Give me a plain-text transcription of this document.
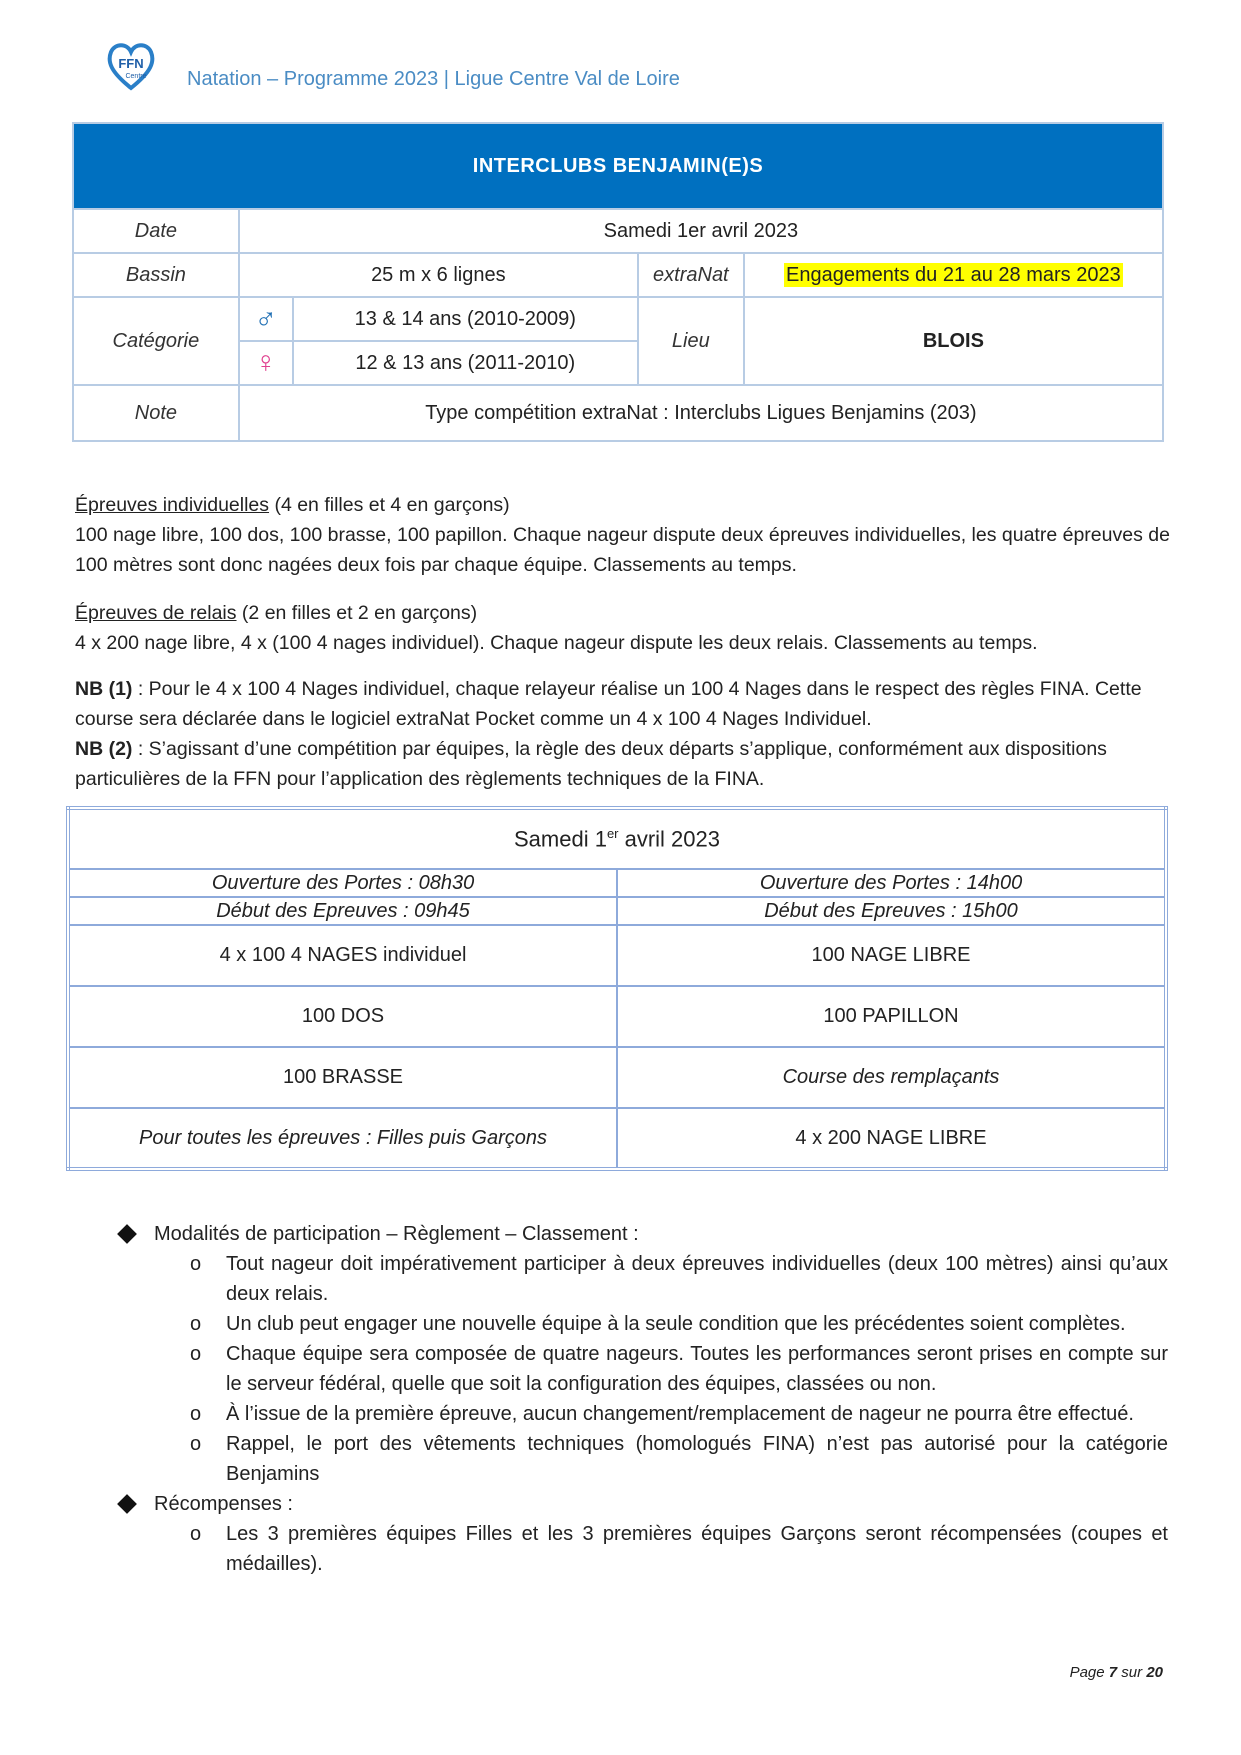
FFN
Centre Natation – Programme 2023 | Ligue Centre Val de Loire
INTERCLUBS BENJAMIN(E)S				
Date	Samedi 1er avril 2023			
Bassin	25 m x 6 lignes		extraNat	Engagements du 21 au 28 mars 2023
Catégorie	♂	13 & 14 ans (2010-2009)	Lieu	BLOIS
	♀	12 & 13 ans (2011-2010)		
Note	Type compétition extraNat : Interclubs Ligues Benjamins (203)			
Épreuves individuelles (4 en filles et 4 en garçons)
100 nage libre, 100 dos, 100 brasse, 100 papillon. Chaque nageur dispute deux épreuves individuelles, les quatre épreuves de 100 mètres sont donc nagées deux fois par chaque équipe. Classements au temps.
Épreuves de relais (2 en filles et 2 en garçons)
4 x 200 nage libre, 4 x (100 4 nages individuel). Chaque nageur dispute les deux relais. Classements au temps.
NB (1) : Pour le 4 x 100 4 Nages individuel, chaque relayeur réalise un 100 4 Nages dans le respect des règles FINA. Cette course sera déclarée dans le logiciel extraNat Pocket comme un 4 x 100 4 Nages Individuel.
NB (2) : S’agissant d’une compétition par équipes, la règle des deux départs s’applique, conformément aux dispositions particulières de la FFN pour l’application des règlements techniques de la FINA.
Samedi 1er avril 2023	
Ouverture des Portes : 08h30	Ouverture des Portes : 14h00
Début des Epreuves : 09h45	Début des Epreuves : 15h00
4 x 100 4 NAGES individuel	100 NAGE LIBRE
100 DOS	100 PAPILLON
100 BRASSE	Course des remplaçants
Pour toutes les épreuves : Filles puis Garçons	4 x 200 NAGE LIBRE
Modalités de participation – Règlement – Classement :
o	Tout nageur doit impérativement participer à deux épreuves individuelles (deux 100 mètres) ainsi qu’aux deux relais.
o	Un club peut engager une nouvelle équipe à la seule condition que les précédentes soient complètes.
o	Chaque équipe sera composée de quatre nageurs. Toutes les performances seront prises en compte sur le serveur fédéral, quelle que soit la configuration des équipes, classées ou non.
o	À l’issue de la première épreuve, aucun changement/remplacement de nageur ne pourra être effectué.
o	Rappel, le port des vêtements techniques (homologués FINA) n’est pas autorisé pour la catégorie Benjamins
Récompenses :
o	Les 3 premières équipes Filles et les 3 premières équipes Garçons seront récompensées (coupes et médailles).
Page 7 sur 20
